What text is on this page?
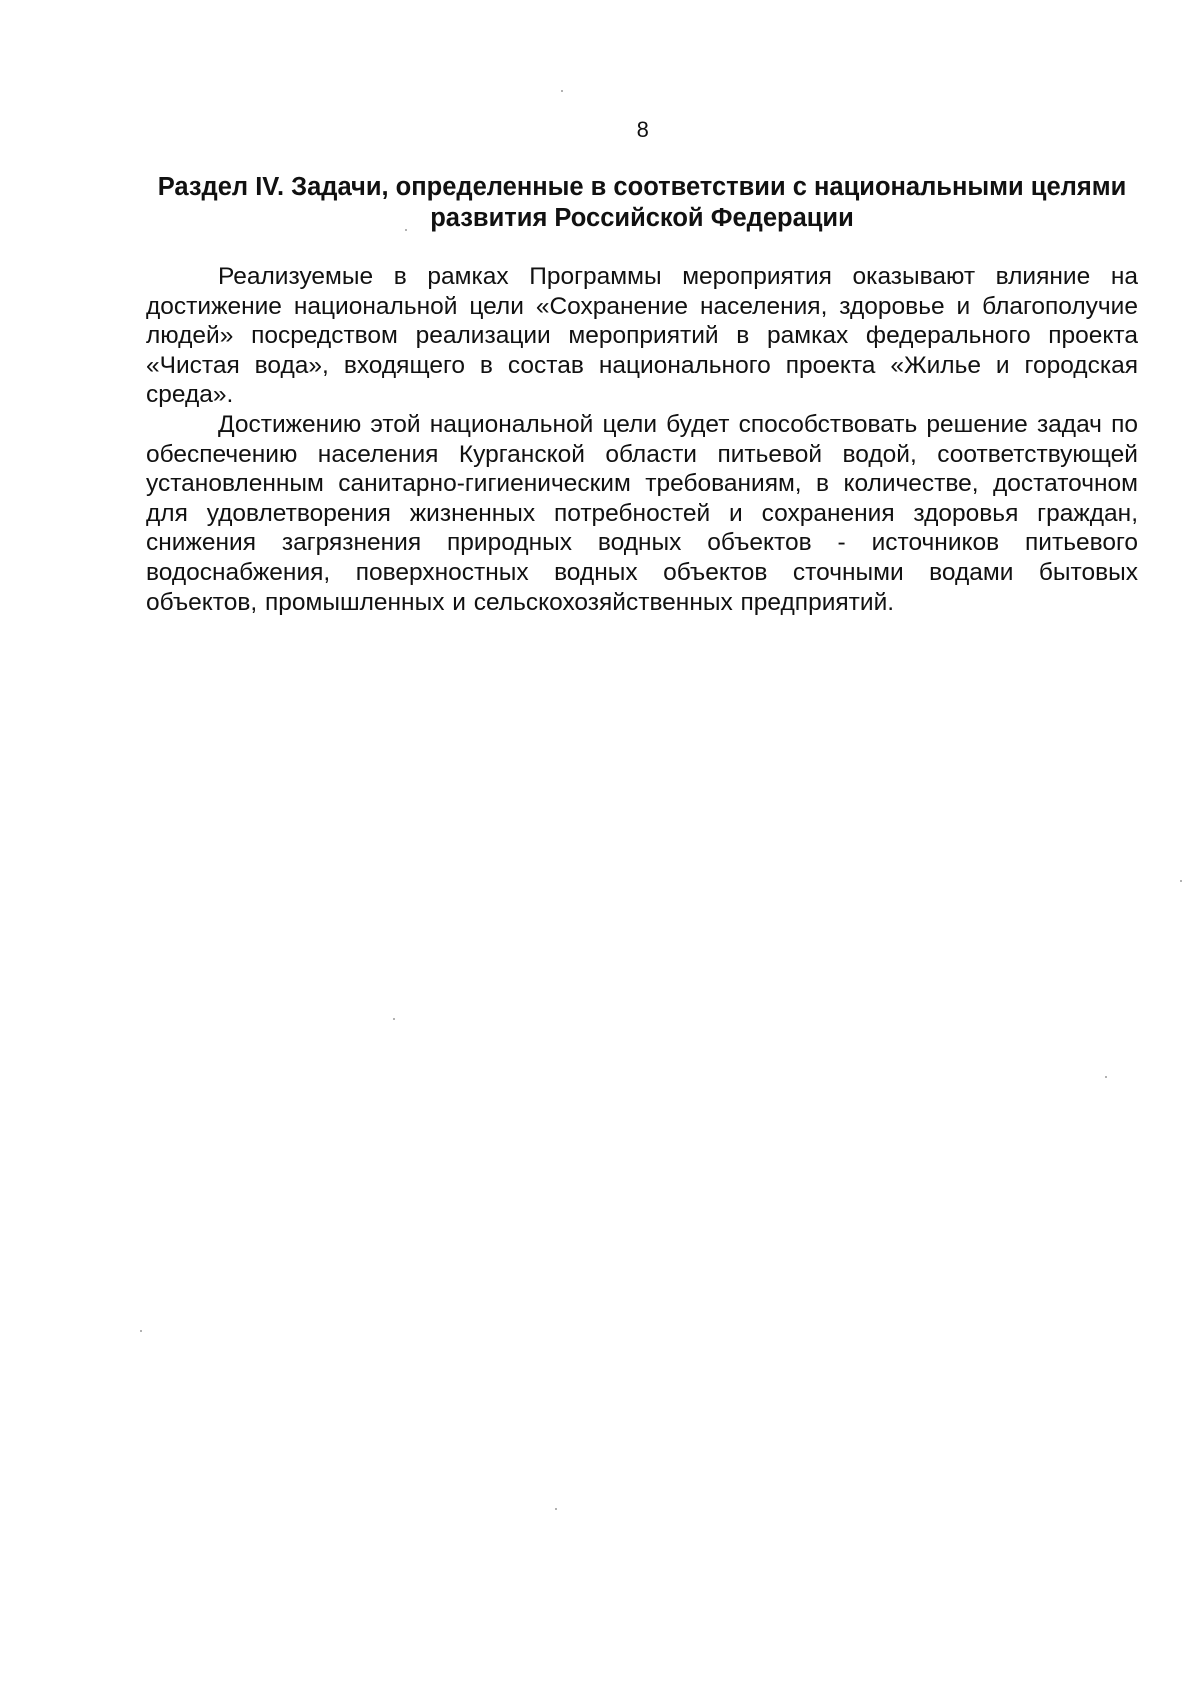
8
Раздел IV. Задачи, определенные в соответствии с национальными целями
развития Российской Федерации

Реализуемые в рамках Программы мероприятия оказывают влияние на достижение национальной цели «Сохранение населения, здоровье и благополучие людей» посредством реализации мероприятий в рамках федерального проекта «Чистая вода», входящего в состав национального проекта «Жилье и городская среда».

Достижению этой национальной цели будет способствовать решение задач по обеспечению населения Курганской области питьевой водой, соответствующей установленным санитарно-гигиеническим требованиям, в количестве, достаточном для удовлетворения жизненных потребностей и сохранения здоровья граждан, снижения загрязнения природных водных объектов - источников питьевого водоснабжения, поверхностных водных объектов сточными водами бытовых объектов, промышленных и сельскохозяйственных предприятий.
